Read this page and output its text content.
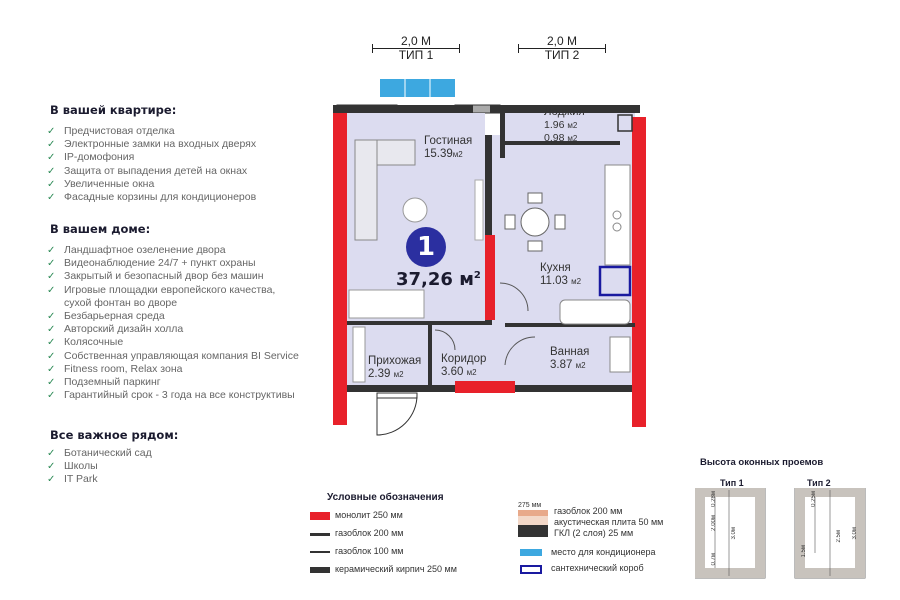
В вашей квартире:
✓ Предчистовая отделка
✓ Электронные замки на входных дверях
✓ IP-домофония
✓ Защита от выпадения детей на окнах
✓ Увеличенные окна
✓ Фасадные корзины для кондиционеров
В вашем доме:
✓ Ландшафтное озеленение двора
✓ Видеонаблюдение 24/7 + пункт охраны
✓ Закрытый и безопасный двор без машин
✓ Игровые площадки европейского качества,
сухой фонтан во дворе
✓ Безбарьерная среда
✓ Авторский дизайн холла
✓ Колясочные
✓ Собственная управляющая компания BI Service
✓ Fitness room, Relax зона
✓ Подземный паркинг
✓ Гарантийный срок - 3 года на все конструктивы
Все важное рядом:
✓ Ботанический сад
✓ Школы
✓ IT Park
2,0 М
ТИП 1
2,0 М
ТИП 2
Гостиная
15.39м2
Лоджия
1.96 м2
0.98 м2
Кухня
11.03 м2
Ванная
3.87 м2
Коридор
3.60 м2
Прихожая
2.39 м2
1
37,26 $м^2$
Условные обозначения
монолит 250 мм
газоблок 200 мм
газоблок 100 мм
керамический кирпич 250 мм
275 мм
газоблок 200 мм
акустическая плита 50 мм
ГКЛ (2 слоя) 25 мм
место для кондиционера
сантехнический короб
Высота оконных проемов
Тип 1	Тип 2
0.28м
2.00м
0.7м
3.0м
0.25м
1.5м
2.5м 3.0м
